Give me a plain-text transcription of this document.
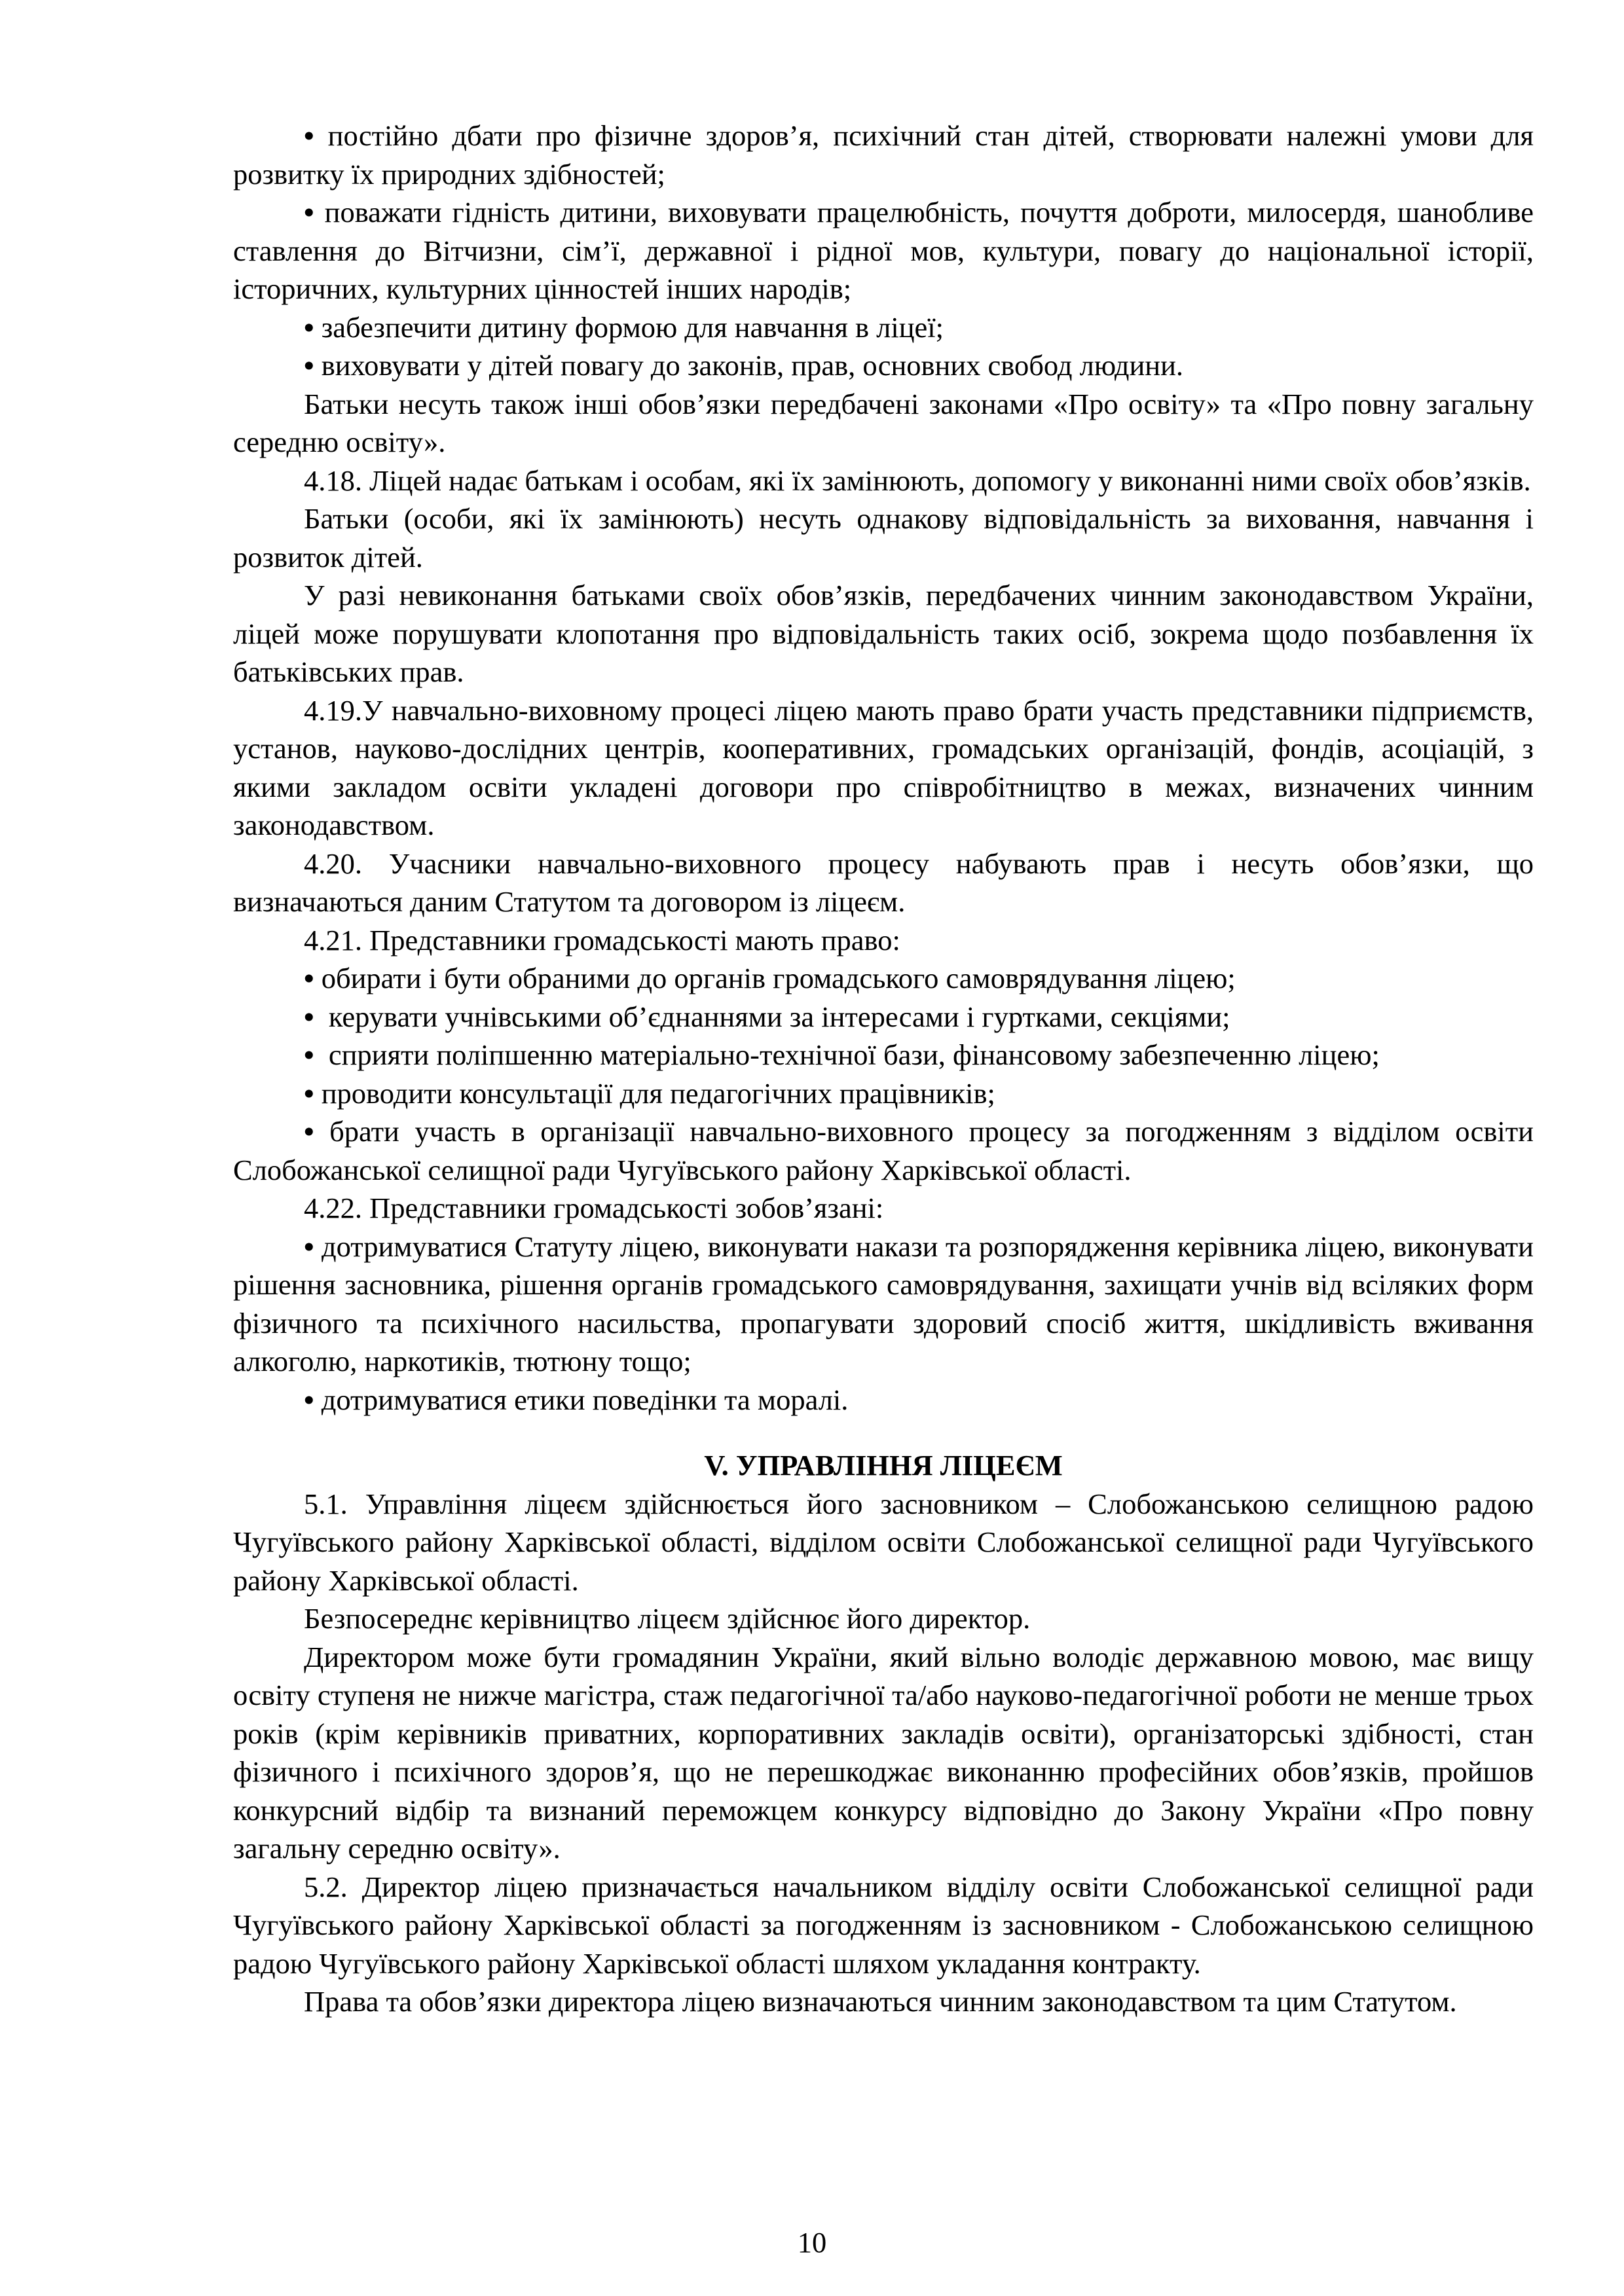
• постійно дбати про фізичне здоров’я, психічний стан дітей, створювати належні умови для розвитку їх природних здібностей;

• поважати гідність дитини, виховувати працелюбність, почуття доброти, милосердя, шанобливе ставлення до Вітчизни, сім’ї, державної і рідної мов, культури, повагу до національної історії, історичних, культурних цінностей інших народів;

• забезпечити дитину формою для навчання в ліцеї;

• виховувати у дітей повагу до законів, прав, основних свобод людини.

Батьки несуть також інші обов’язки передбачені законами «Про освіту» та «Про повну загальну середню освіту».

4.18. Ліцей надає батькам і особам, які їх замінюють, допомогу у виконанні ними своїх обов’язків.

Батьки (особи, які їх замінюють) несуть однакову відповідальність за виховання, навчання і розвиток дітей.

У разі невиконання батьками своїх обов’язків, передбачених чинним законодавством України, ліцей може порушувати клопотання про відповідальність таких осіб, зокрема щодо позбавлення їх батьківських прав.

4.19.У навчально-виховному процесі ліцею мають право брати участь представники підприємств, установ, науково-дослідних центрів, кооперативних, громадських організацій, фондів, асоціацій, з якими закладом освіти укладені договори про співробітництво в межах, визначених чинним законодавством.

4.20. Учасники навчально-виховного процесу набувають прав і несуть обов’язки, що визначаються даним Статутом та договором із ліцеєм.

4.21. Представники громадськості мають право:

• обирати і бути обраними до органів громадського самоврядування ліцею;

•  керувати учнівськими об’єднаннями за інтересами і гуртками, секціями;

•  сприяти поліпшенню матеріально-технічної бази, фінансовому забезпеченню ліцею;

• проводити консультації для педагогічних працівників;

• брати участь в організації навчально-виховного процесу за погодженням з відділом освіти Слобожанської селищної ради Чугуївського району Харківської області.

4.22. Представники громадськості зобов’язані:

• дотримуватися Статуту ліцею, виконувати накази та розпорядження керівника ліцею, виконувати рішення засновника, рішення органів громадського самоврядування, захищати учнів від всіляких форм фізичного та психічного насильства, пропагувати здоровий спосіб життя, шкідливість вживання алкоголю, наркотиків, тютюну тощо;

• дотримуватися етики поведінки та моралі.

V. УПРАВЛІННЯ ЛІЦЕЄМ

5.1. Управління ліцеєм здійснюється його засновником – Слобожанською селищною радою Чугуївського району Харківської області, відділом освіти Слобожанської селищної ради Чугуївського району Харківської області.

Безпосереднє керівництво ліцеєм здійснює його директор.

Директором може бути громадянин України, який вільно володіє державною мовою, має вищу освіту ступеня не нижче магістра, стаж педагогічної та/або науково-педагогічної роботи не менше трьох років (крім керівників приватних, корпоративних закладів освіти), організаторські здібності, стан фізичного і психічного здоров’я, що не перешкоджає виконанню професійних обов’язків, пройшов конкурсний відбір та визнаний переможцем конкурсу відповідно до Закону України «Про повну загальну середню освіту».

5.2. Директор ліцею призначається начальником відділу освіти Слобожанської селищної ради Чугуївського району Харківської області за погодженням із засновником - Слобожанською селищною радою Чугуївського району Харківської області шляхом укладання контракту.

Права та обов’язки директора ліцею визначаються чинним законодавством та цим Статутом.

10
